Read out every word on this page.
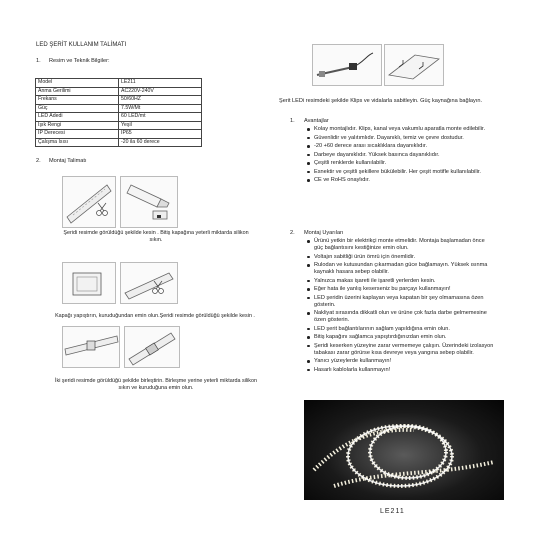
LED ŞERİT KULLANIM TALİMATI
1. Resim ve Teknik Bilgiler:
Model	LE211
Anma Gerilimi	AC220V-240V
Frekans	50/60HZ
Güç	7.5W/Mt
LED Adedi	60 LED/mt
Işık Rengi	Yeşil
IP Derecesi	IP65
Çalışma Isısı	-20 ila 60 derece
2. Montaj Talimatı
Şeridi resimde görüldüğü şekilde kesin . Bitiş kapağına yeterli miktarda silikon
sıkın.
Kapağı yapıştırın, kuruduğundan emin olun.Şeridi resimde görüldüğü şekilde kesin .
İki şeridi resimde görüldüğü şekilde birleştirin. Birleşme yerine yeterli miktarda silikon
sıkın ve kuruduğuna emin olun.
Şerit LEDi resimdeki şekilde Klips ve vidalarla sabitleyin. Güç kaynağına bağlayın.
1. Avantajlar
Kolay montajlıdır. Klips, kanal veya vakumlu aparatla monte edilebilir.
Güvenlidir ve yalıtımlıdır. Dayanıklı, temiz ve çevre dostudur.
-20 +60 derece arası sıcaklıklara dayanıklıdır.
Darbeye dayanıklıdır. Yüksek basınca dayanıklıdır.
Çeşitli renklerde kullanılabilir.
Esnektir ve çeşitli şekillere bükülebilir. Her çeşit motifle kullanılabilir.
CE ve RoHS onaylıdır.
2. Montaj Uyarıları
Ürünü yetkin bir elektrikçi monte etmelidir. Montaja başlamadan önce
güç bağlantısını kestiğinize emin olun.
Voltajın sabitliği ürün ömrü için önemlidir.
Rulodan ve kutusundan çıkarmadan güce bağlamayın. Yüksek ısınma
kaynaklı hasara sebep olabilir.
Yalnızca makas işareti ile işaretli yerlerden kesin.
Eğer hata ile yanlış keserseniz bu parçayı kullanmayın!
LED şeridin üzerini kaplayan veya kapatan bir şey olmamasına özen
gösterin.
Nakliyat sırasında dikkatli olun ve ürüne çok fazla darbe gelmemesine
özen gösterin.
LED şerit bağlantılarının sağlam yapıldığına emin olun.
Bitiş kapağını sağlamca yapıştırdığınızdan emin olun.
Şeridi keserken yüzeyine zarar vermemeye çalışın. Üzerindeki izolasyon
tabakası zarar görürse kısa devreye veya yangına sebep olabilir.
Yanıcı yüzeylerde kullanmayın!
Hasarlı kablolarla kullanmayın!
LE211
